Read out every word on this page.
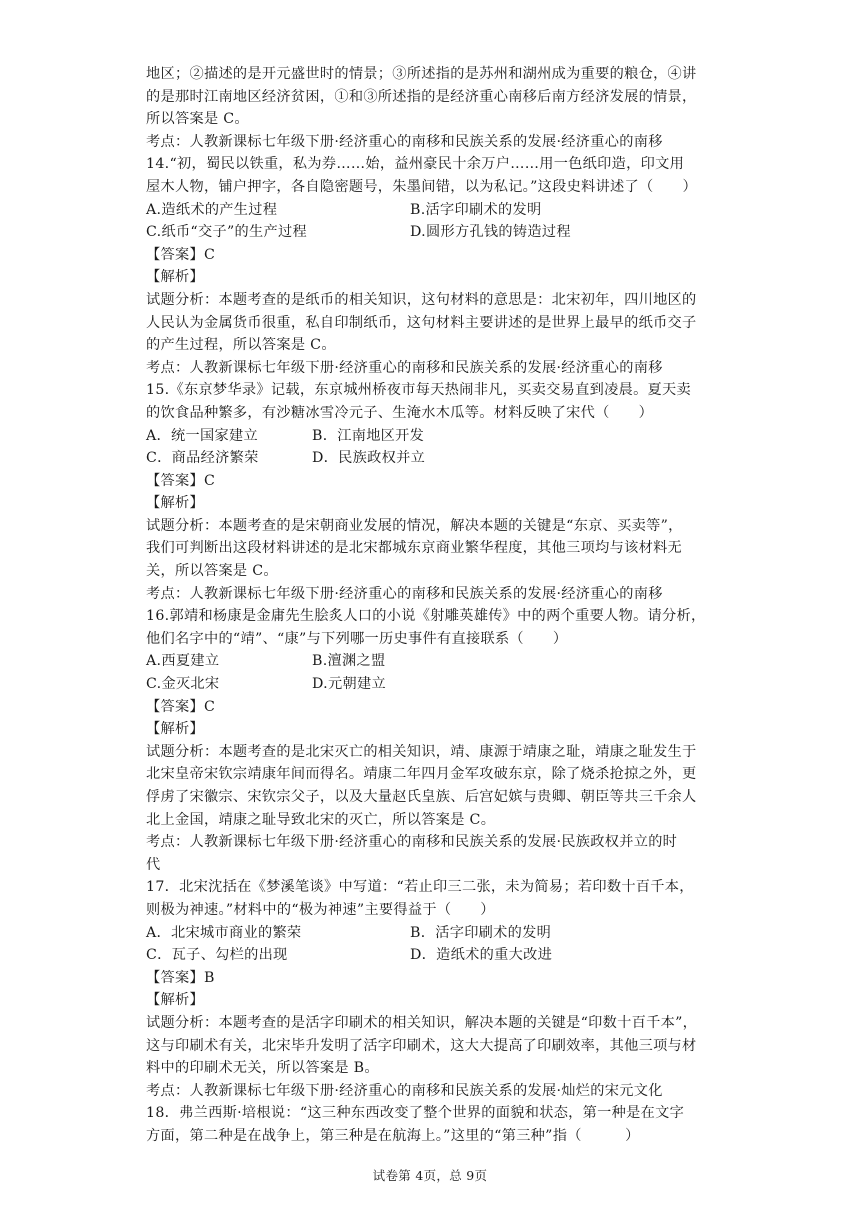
地区；②描述的是开元盛世时的情景；③所述指的是苏州和湖州成为重要的粮仓，④讲
的是那时江南地区经济贫困，①和③所述指的是经济重心南移后南方经济发展的情景，
所以答案是 C。
考点：人教新课标七年级下册·经济重心的南移和民族关系的发展·经济重心的南移
14.“初，蜀民以铁重，私为券……始，益州豪民十余万户……用一色纸印造，印文用
屋木人物，铺户押字，各自隐密题号，朱墨间错，以为私记。”这段史料讲述了（　　）
A.造纸术的产生过程	B.活字印刷术的发明
C.纸币“交子”的生产过程	D.圆形方孔钱的铸造过程
【答案】C
【解析】
试题分析：本题考查的是纸币的相关知识，这句材料的意思是：北宋初年，四川地区的
人民认为金属货币很重，私自印制纸币，这句材料主要讲述的是世界上最早的纸币交子
的产生过程，所以答案是 C。
考点：人教新课标七年级下册·经济重心的南移和民族关系的发展·经济重心的南移
15.《东京梦华录》记载，东京城州桥夜市每天热闹非凡，买卖交易直到凌晨。夏天卖
的饮食品种繁多，有沙糖冰雪冷元子、生淹水木瓜等。材料反映了宋代（　　）
A．统一国家建立	B．江南地区开发
C．商品经济繁荣	D．民族政权并立
【答案】C
【解析】
试题分析：本题考查的是宋朝商业发展的情况，解决本题的关键是“东京、买卖等”，
我们可判断出这段材料讲述的是北宋都城东京商业繁华程度，其他三项均与该材料无
关，所以答案是 C。
考点：人教新课标七年级下册·经济重心的南移和民族关系的发展·经济重心的南移
16.郭靖和杨康是金庸先生脍炙人口的小说《射雕英雄传》中的两个重要人物。请分析，
他们名字中的“靖”、“康”与下列哪一历史事件有直接联系（　　）
A.西夏建立	B.澶渊之盟
C.金灭北宋	D.元朝建立
【答案】C
【解析】
试题分析：本题考查的是北宋灭亡的相关知识，靖、康源于靖康之耻，靖康之耻发生于
北宋皇帝宋钦宗靖康年间而得名。靖康二年四月金军攻破东京，除了烧杀抢掠之外，更
俘虏了宋徽宗、宋钦宗父子，以及大量赵氏皇族、后宫妃嫔与贵卿、朝臣等共三千余人
北上金国，靖康之耻导致北宋的灭亡，所以答案是 C。
考点：人教新课标七年级下册·经济重心的南移和民族关系的发展·民族政权并立的时
代
17．北宋沈括在《梦溪笔谈》中写道：“若止印三二张，未为简易；若印数十百千本，
则极为神速。”材料中的“极为神速”主要得益于（　　）
A．北宋城市商业的繁荣	B．活字印刷术的发明
C．瓦子、勾栏的出现	D．造纸术的重大改进
【答案】B
【解析】
试题分析：本题考查的是活字印刷术的相关知识，解决本题的关键是“印数十百千本”，
这与印刷术有关，北宋毕升发明了活字印刷术，这大大提高了印刷效率，其他三项与材
料中的印刷术无关，所以答案是 B。
考点：人教新课标七年级下册·经济重心的南移和民族关系的发展·灿烂的宋元文化
18．弗兰西斯·培根说：“这三种东西改变了整个世界的面貌和状态，第一种是在文字
方面，第二种是在战争上，第三种是在航海上。”这里的“第三种”指（　　　）
试卷第 4页，总 9页
